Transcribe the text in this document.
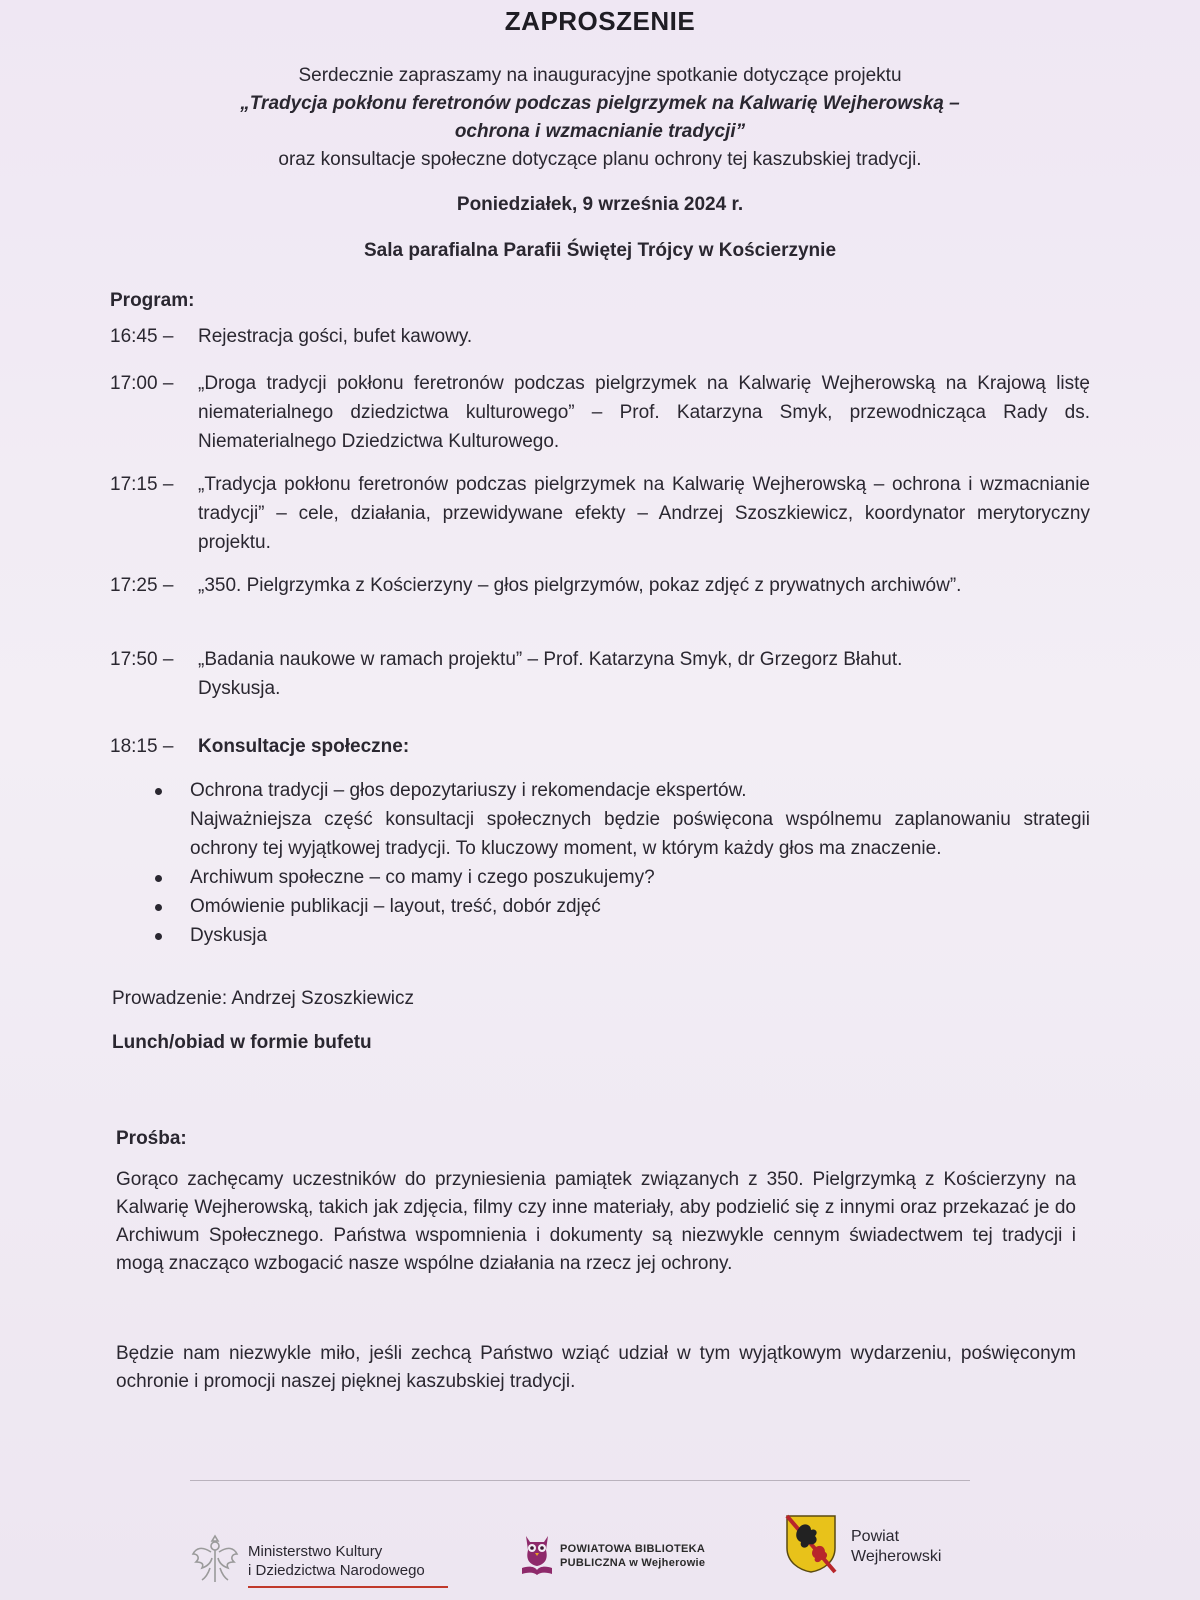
ZAPROSZENIE
Serdecznie zapraszamy na inauguracyjne spotkanie dotyczące projektu
„Tradycja pokłonu feretronów podczas pielgrzymek na Kalwarię Wejherowską –
ochrona i wzmacnianie tradycji”
oraz konsultacje społeczne dotyczące planu ochrony tej kaszubskiej tradycji.
Poniedziałek, 9 września 2024 r.
Sala parafialna Parafii Świętej Trójcy w Kościerzynie
Program:
16:45 – Rejestracja gości, bufet kawowy.
17:00 – „Droga tradycji pokłonu feretronów podczas pielgrzymek na Kalwarię Wejherowską na Krajową listę niematerialnego dziedzictwa kulturowego” – Prof. Katarzyna Smyk, przewodnicząca Rady ds. Niematerialnego Dziedzictwa Kulturowego.
17:15 – „Tradycja pokłonu feretronów podczas pielgrzymek na Kalwarię Wejherowską – ochrona i wzmacnianie tradycji” – cele, działania, przewidywane efekty – Andrzej Szoszkiewicz, koordynator merytoryczny projektu.
17:25 – „350. Pielgrzymka z Kościerzyny – głos pielgrzymów, pokaz zdjęć z prywatnych archiwów”.
17:50 – „Badania naukowe w ramach projektu” – Prof. Katarzyna Smyk, dr Grzegorz Błahut.
Dyskusja.
18:15 – Konsultacje społeczne:
Ochrona tradycji – głos depozytariuszy i rekomendacje ekspertów.
Najważniejsza część konsultacji społecznych będzie poświęcona wspólnemu zaplanowaniu strategii ochrony tej wyjątkowej tradycji. To kluczowy moment, w którym każdy głos ma znaczenie.
Archiwum społeczne – co mamy i czego poszukujemy?
Omówienie publikacji – layout, treść, dobór zdjęć
Dyskusja
Prowadzenie: Andrzej Szoszkiewicz
Lunch/obiad w formie bufetu
Prośba:
Gorąco zachęcamy uczestników do przyniesienia pamiątek związanych z 350. Pielgrzymką z Kościerzyny na Kalwarię Wejherowską, takich jak zdjęcia, filmy czy inne materiały, aby podzielić się z innymi oraz przekazać je do Archiwum Społecznego. Państwa wspomnienia i dokumenty są niezwykle cennym świadectwem tej tradycji i mogą znacząco wzbogacić nasze wspólne działania na rzecz jej ochrony.
Będzie nam niezwykle miło, jeśli zechcą Państwo wziąć udział w tym wyjątkowym wydarzeniu, poświęconym ochronie i promocji naszej pięknej kaszubskiej tradycji.
Ministerstwo Kultury
i Dziedzictwa Narodowego
POWIATOWA BIBLIOTEKA
PUBLICZNA w Wejherowie
Powiat
Wejherowski
